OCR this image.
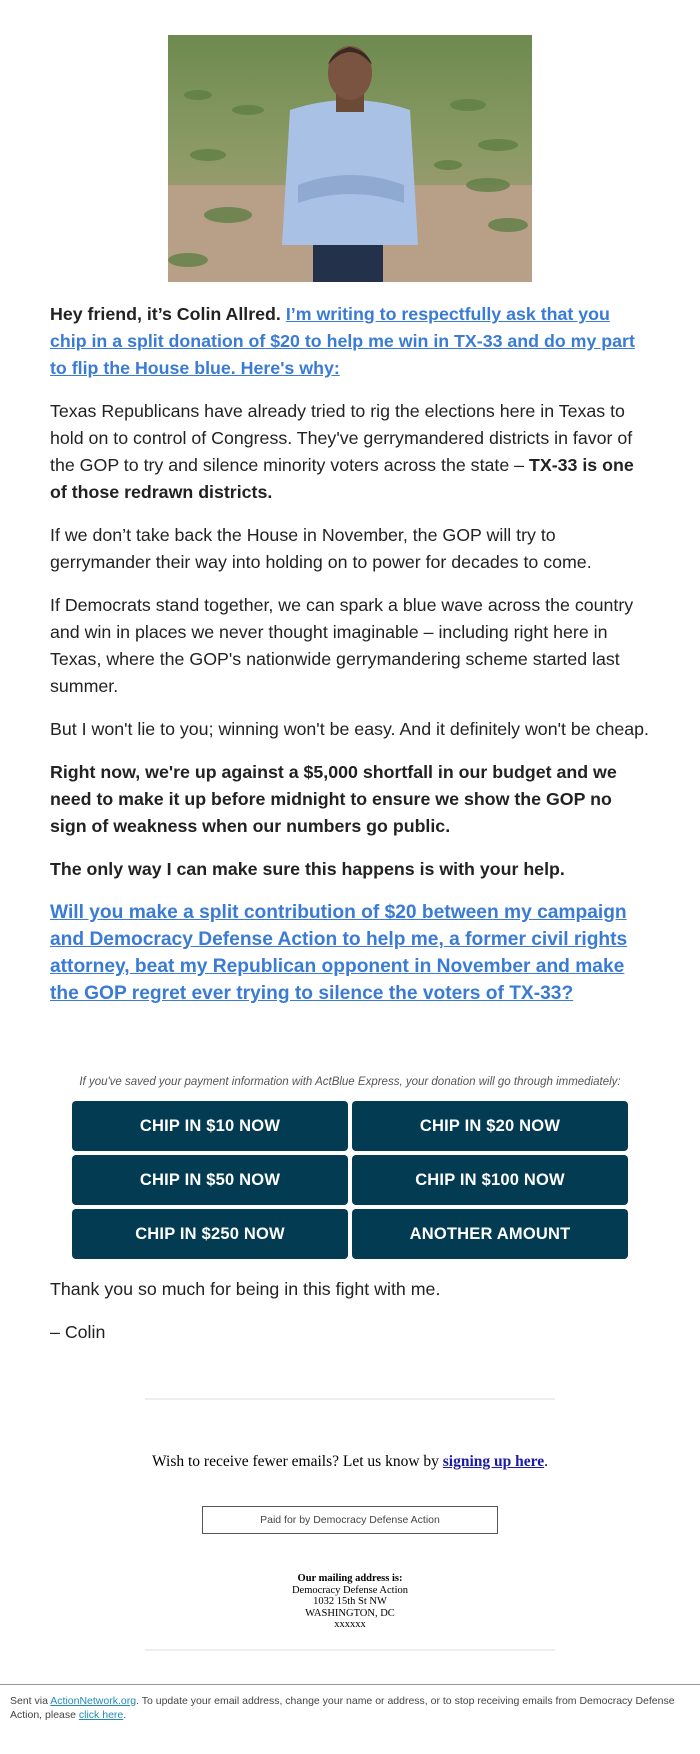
Hey friend, it’s Colin Allred. I’m writing to respectfully ask that you chip in a split donation of $20 to help me win in TX-33 and do my part to flip the House blue. Here's why:

Texas Republicans have already tried to rig the elections here in Texas to hold on to control of Congress. They've gerrymandered districts in favor of the GOP to try and silence minority voters across the state – TX-33 is one of those redrawn districts.

If we don’t take back the House in November, the GOP will try to gerrymander their way into holding on to power for decades to come.

If Democrats stand together, we can spark a blue wave across the country and win in places we never thought imaginable – including right here in Texas, where the GOP's nationwide gerrymandering scheme started last summer.

But I won't lie to you; winning won't be easy. And it definitely won't be cheap.

Right now, we're up against a $5,000 shortfall in our budget and we need to make it up before midnight to ensure we show the GOP no sign of weakness when our numbers go public.

The only way I can make sure this happens is with your help.

Will you make a split contribution of $20 between my campaign and Democracy Defense Action to help me, a former civil rights attorney, beat my Republican opponent in November and make the GOP regret ever trying to silence the voters of TX-33?

If you've saved your payment information with ActBlue Express, your donation will go through immediately:
CHIP IN $10 NOW	CHIP IN $20 NOW
CHIP IN $50 NOW	CHIP IN $100 NOW
CHIP IN $250 NOW	ANOTHER AMOUNT
Thank you so much for being in this fight with me.
– Colin
Wish to receive fewer emails? Let us know by signing up here.
Paid for by Democracy Defense Action
Our mailing address is:
Democracy Defense Action
1032 15th St NW
WASHINGTON, DC
xxxxxx
Sent via ActionNetwork.org. To update your email address, change your name or address, or to stop receiving emails from Democracy Defense Action, please click here.
